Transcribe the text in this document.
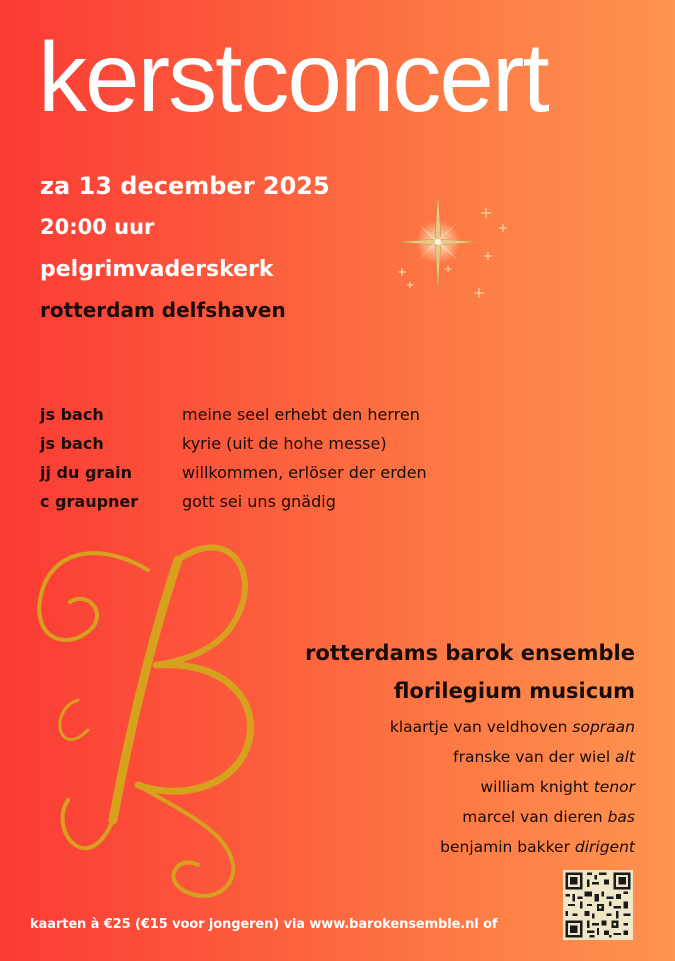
kerstconcert
za 13 december 2025
20:00 uur
pelgrimvaderskerk
rotterdam delfshaven
js bach	meine seel erhebt den herren
js bach	kyrie (uit de hohe messe)
jj du grain	willkommen, erlöser der erden
c graupner	gott sei uns gnädig
rotterdams barok ensemble
florilegium musicum
klaartje van veldhoven sopraan
franske van der wiel alt
william knight tenor
marcel van dieren bas
benjamin bakker dirigent
kaarten à €25 (€15 voor jongeren) via www.barokensemble.nl of
